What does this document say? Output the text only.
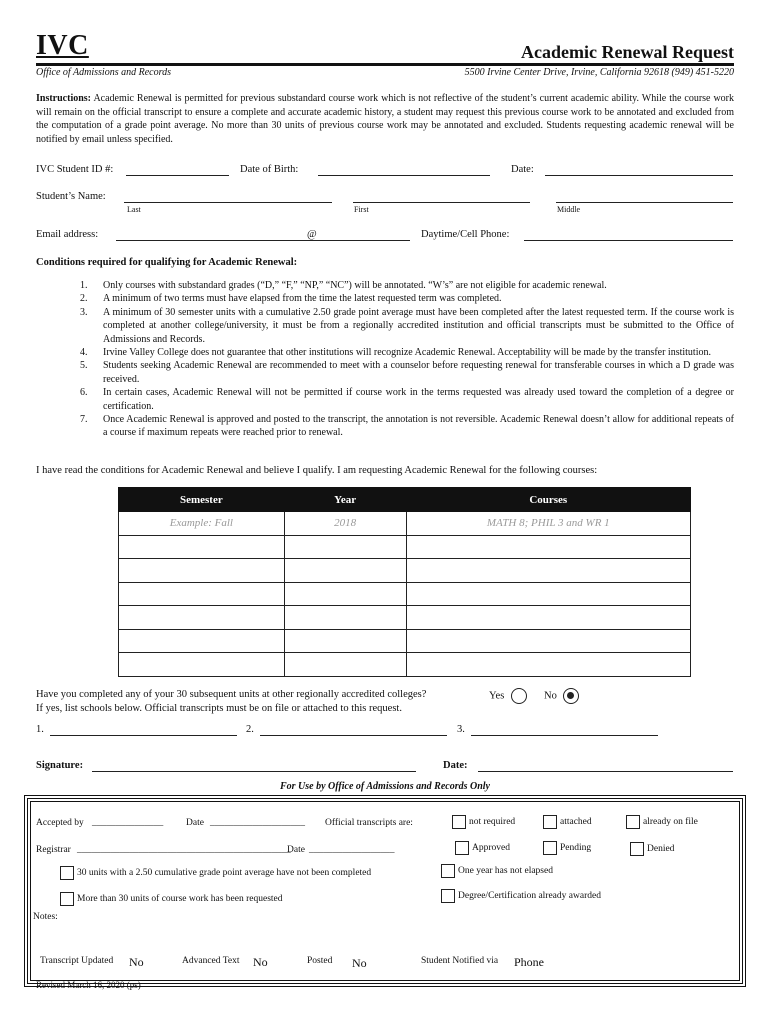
IVC	Academic Renewal Request
Office of Admissions and Records	5500 Irvine Center Drive, Irvine, California 92618 (949) 451-5220
Instructions: Academic Renewal is permitted for previous substandard course work which is not reflective of the student’s current academic ability. While the course work will remain on the official transcript to ensure a complete and accurate academic history, a student may request this previous course work to be annotated and excluded from the computation of a grade point average. No more than 30 units of previous course work may be annotated and excluded. Students requesting academic renewal will be notified by email unless specified.
IVC Student ID #:	Date of Birth:	Date:
Student’s Name:
Last	First	Middle
Email address:	@	Daytime/Cell Phone:
Conditions required for qualifying for Academic Renewal:
1. Only courses with substandard grades (“D,” “F,” “NP,” “NC”) will be annotated. “W’s” are not eligible for academic renewal.
2. A minimum of two terms must have elapsed from the time the latest requested term was completed.
3. A minimum of 30 semester units with a cumulative 2.50 grade point average must have been completed after the latest requested term. If the course work is completed at another college/university, it must be from a regionally accredited institution and official transcripts must be submitted to the Office of Admissions and Records.
4. Irvine Valley College does not guarantee that other institutions will recognize Academic Renewal. Acceptability will be made by the transfer institution.
5. Students seeking Academic Renewal are recommended to meet with a counselor before requesting renewal for transferable courses in which a D grade was received.
6. In certain cases, Academic Renewal will not be permitted if course work in the terms requested was already used toward the completion of a degree or certification.
7. Once Academic Renewal is approved and posted to the transcript, the annotation is not reversible. Academic Renewal doesn’t allow for additional repeats of a course if maximum repeats were reached prior to renewal.
I have read the conditions for Academic Renewal and believe I qualify. I am requesting Academic Renewal for the following courses:
Semester	Year	Courses
Example: Fall	2018	MATH 8; PHIL 3 and WR 1

Have you completed any of your 30 subsequent units at other regionally accredited colleges?	Yes	No
If yes, list schools below. Official transcripts must be on file or attached to this request.
1.	2.	3.
Signature:	Date:
For Use by Office of Admissions and Records Only
Accepted by _______________ Date ____________________ Official transcripts are:	not required	attached	already on file
Registrar _____________________________________________
Date __________________	Approved	Pending	Denied
30 units with a 2.50 cumulative grade point average have not been completed	One year has not elapsed
More than 30 units of course work has been requested	Degree/Certification already awarded
Notes:
Transcript Updated No	Advanced Text No	Posted No	Student Notified via Phone
Revised March 16, 2020 (ps)
